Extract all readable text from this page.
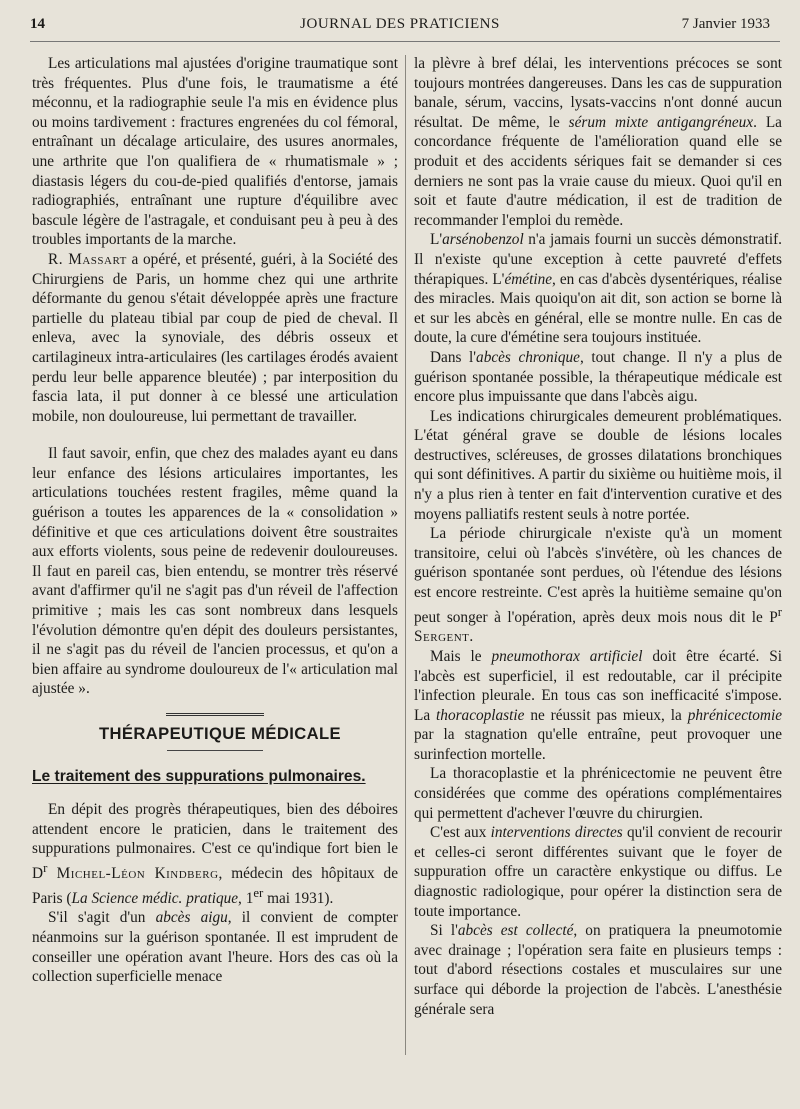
14	JOURNAL DES PRATICIENS	7 Janvier 1933

Les articulations mal ajustées d'origine traumatique sont très fréquentes. Plus d'une fois, le traumatisme a été méconnu, et la radiographie seule l'a mis en évidence plus ou moins tardivement : fractures engrenées du col fémoral, entraînant un décalage articulaire, des usures anormales, une arthrite que l'on qualifiera de « rhumatismale » ; diastasis légers du cou-de-pied qualifiés d'entorse, jamais radiographiés, entraînant une rupture d'équilibre avec bascule légère de l'astragale, et conduisant peu à peu à des troubles importants de la marche.

R. Massart a opéré, et présenté, guéri, à la Société des Chirurgiens de Paris, un homme chez qui une arthrite déformante du genou s'était développée après une fracture partielle du plateau tibial par coup de pied de cheval. Il enleva, avec la synoviale, des débris osseux et cartilagineux intra-articulaires (les cartilages érodés avaient perdu leur belle apparence bleutée) ; par interposition du fascia lata, il put donner à ce blessé une articulation mobile, non douloureuse, lui permettant de travailler.

Il faut savoir, enfin, que chez des malades ayant eu dans leur enfance des lésions articulaires importantes, les articulations touchées restent fragiles, même quand la guérison a toutes les apparences de la « consolidation » définitive et que ces articulations doivent être soustraites aux efforts violents, sous peine de redevenir douloureuses. Il faut en pareil cas, bien entendu, se montrer très réservé avant d'affirmer qu'il ne s'agit pas d'un réveil de l'affection primitive ; mais les cas sont nombreux dans lesquels l'évolution démontre qu'en dépit des douleurs persistantes, il ne s'agit pas du réveil de l'ancien processus, et qu'on a bien affaire au syndrome douloureux de l'« articulation mal ajustée ».

THÉRAPEUTIQUE MÉDICALE
Le traitement des suppurations pulmonaires.

En dépit des progrès thérapeutiques, bien des déboires attendent encore le praticien, dans le traitement des suppurations pulmonaires. C'est ce qu'indique fort bien le $D^r$ Michel-Léon Kindberg, médecin des hôpitaux de Paris (La Science médic. pratique, 1er mai 1931).

S'il s'agit d'un abcès aigu, il convient de compter néanmoins sur la guérison spontanée. Il est imprudent de conseiller une opération avant l'heure. Hors des cas où la collection superficielle menace

la plèvre à bref délai, les interventions précoces se sont toujours montrées dangereuses. Dans les cas de suppuration banale, sérum, vaccins, lysats-vaccins n'ont donné aucun résultat. De même, le sérum mixte antigangréneux. La concordance fréquente de l'amélioration quand elle se produit et des accidents sériques fait se demander si ces derniers ne sont pas la vraie cause du mieux. Quoi qu'il en soit et faute d'autre médication, il est de tradition de recommander l'emploi du remède.

L'arsénobenzol n'a jamais fourni un succès démonstratif. Il n'existe qu'une exception à cette pauvreté d'effets thérapiques. L'émétine, en cas d'abcès dysentériques, réalise des miracles. Mais quoiqu'on ait dit, son action se borne là et sur les abcès en général, elle se montre nulle. En cas de doute, la cure d'émétine sera toujours instituée.

Dans l'abcès chronique, tout change. Il n'y a plus de guérison spontanée possible, la thérapeutique médicale est encore plus impuissante que dans l'abcès aigu.

Les indications chirurgicales demeurent problématiques. L'état général grave se double de lésions locales destructives, scléreuses, de grosses dilatations bronchiques qui sont définitives. A partir du sixième ou huitième mois, il n'y a plus rien à tenter en fait d'intervention curative et des moyens palliatifs restent seuls à notre portée.

La période chirurgicale n'existe qu'à un moment transitoire, celui où l'abcès s'invétère, où les chances de guérison spontanée sont perdues, où l'étendue des lésions est encore restreinte. C'est après la huitième semaine qu'on peut songer à l'opération, après deux mois nous dit le $P^r$ Sergent.

Mais le pneumothorax artificiel doit être écarté. Si l'abcès est superficiel, il est redoutable, car il précipite l'infection pleurale. En tous cas son inefficacité s'impose. La thoracoplastie ne réussit pas mieux, la phrénicectomie par la stagnation qu'elle entraîne, peut provoquer une surinfection mortelle.

La thoracoplastie et la phrénicectomie ne peuvent être considérées que comme des opérations complémentaires qui permettent d'achever l'œuvre du chirurgien.

C'est aux interventions directes qu'il convient de recourir et celles-ci seront différentes suivant que le foyer de suppuration offre un caractère enkystique ou diffus. Le diagnostic radiologique, pour opérer la distinction sera de toute importance.

Si l'abcès est collecté, on pratiquera la pneumotomie avec drainage ; l'opération sera faite en plusieurs temps : tout d'abord résections costales et musculaires sur une surface qui déborde la projection de l'abcès. L'anesthésie générale sera
